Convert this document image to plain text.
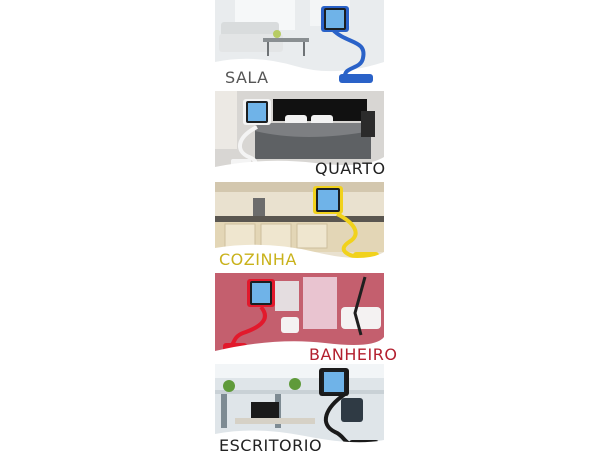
SALA
QUARTO
COZINHA
BANHEIRO
ESCRITORIO
